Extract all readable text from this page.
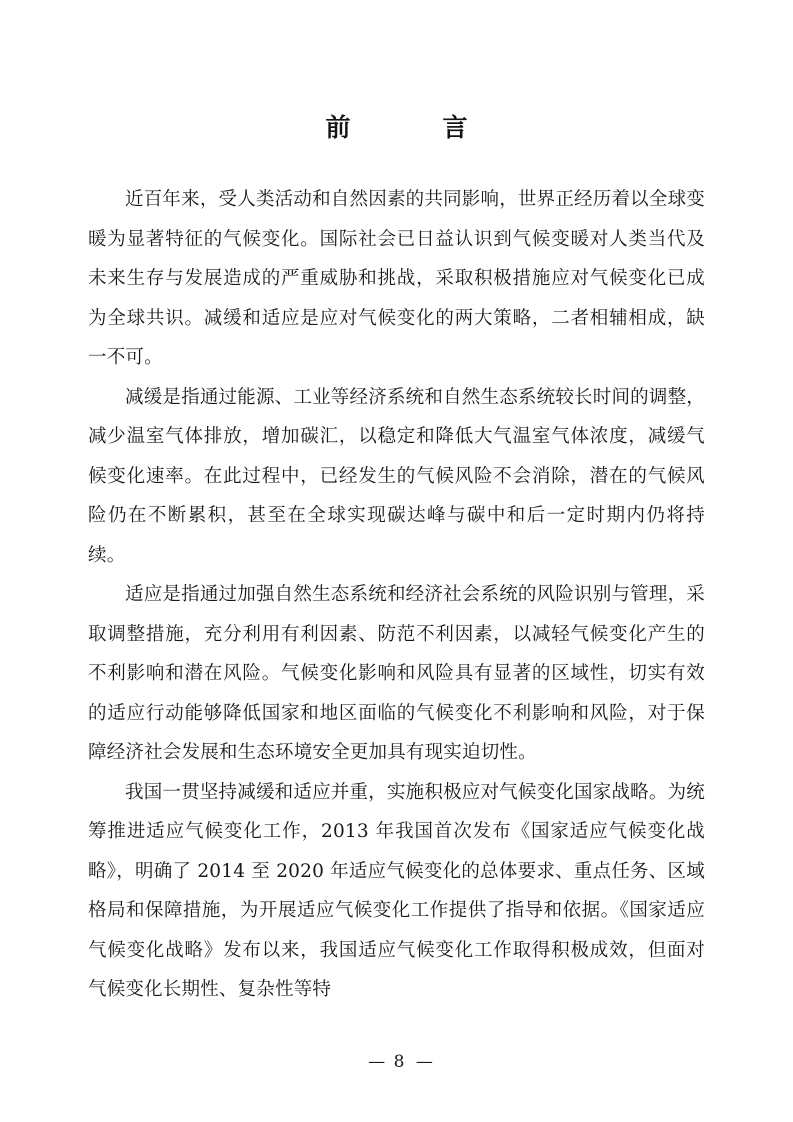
前　　言

近百年来，受人类活动和自然因素的共同影响，世界正经历着以全球变暖为显著特征的气候变化。国际社会已日益认识到气候变暖对人类当代及未来生存与发展造成的严重威胁和挑战，采取积极措施应对气候变化已成为全球共识。减缓和适应是应对气候变化的两大策略，二者相辅相成，缺一不可。

减缓是指通过能源、工业等经济系统和自然生态系统较长时间的调整，减少温室气体排放，增加碳汇，以稳定和降低大气温室气体浓度，减缓气候变化速率。在此过程中，已经发生的气候风险不会消除，潜在的气候风险仍在不断累积，甚至在全球实现碳达峰与碳中和后一定时期内仍将持续。

适应是指通过加强自然生态系统和经济社会系统的风险识别与管理，采取调整措施，充分利用有利因素、防范不利因素，以减轻气候变化产生的不利影响和潜在风险。气候变化影响和风险具有显著的区域性，切实有效的适应行动能够降低国家和地区面临的气候变化不利影响和风险，对于保障经济社会发展和生态环境安全更加具有现实迫切性。

我国一贯坚持减缓和适应并重，实施积极应对气候变化国家战略。为统筹推进适应气候变化工作，2013 年我国首次发布《国家适应气候变化战略》，明确了 2014 至 2020 年适应气候变化的总体要求、重点任务、区域格局和保障措施，为开展适应气候变化工作提供了指导和依据。《国家适应气候变化战略》发布以来，我国适应气候变化工作取得积极成效，但面对气候变化长期性、复杂性等特

— 8 —
